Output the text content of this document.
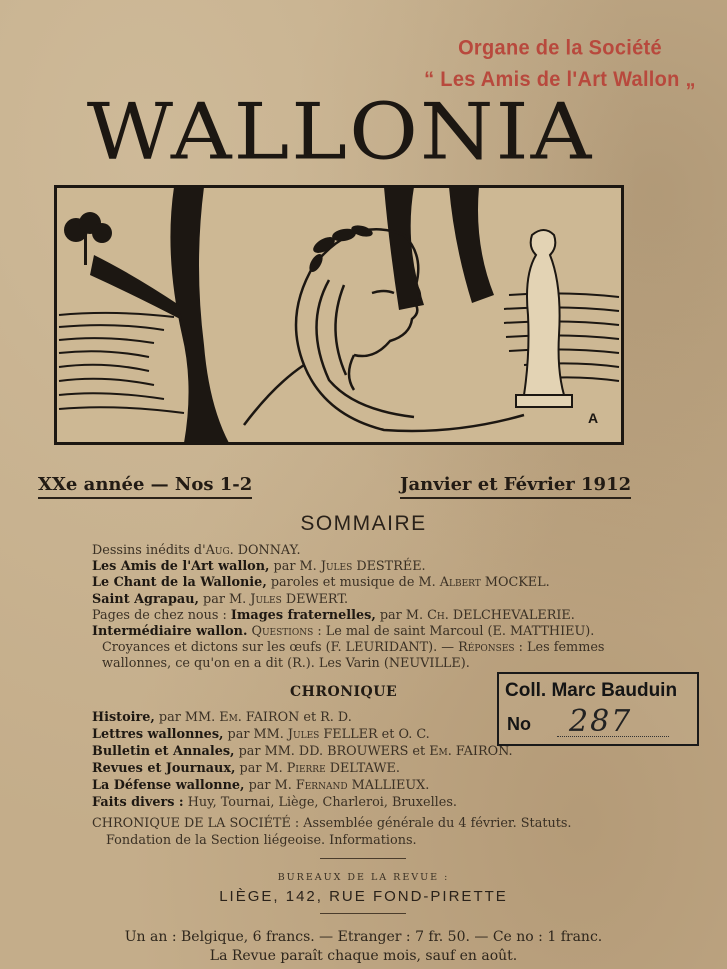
Organe de la Société
“ Les Amis de l'Art Wallon „
WALLONIA
A
XXe année — Nos 1-2	Janvier et Février 1912
SOMMAIRE
Dessins inédits d'Aug. DONNAY.
Les Amis de l'Art wallon, par M. Jules DESTRÉE.
Le Chant de la Wallonie, paroles et musique de M. Albert MOCKEL.
Saint Agrapau, par M. Jules DEWERT.
Pages de chez nous : Images fraternelles, par M. Ch. DELCHEVALERIE.
Intermédiaire wallon. Questions : Le mal de saint Marcoul (E. MATTHIEU).
Croyances et dictons sur les œufs (F. LEURIDANT). — Réponses : Les femmes
wallonnes, ce qu'on en a dit (R.). Les Varin (NEUVILLE).
CHRONIQUE
Histoire, par MM. Em. FAIRON et R. D.
Lettres wallonnes, par MM. Jules FELLER et O. C.
Bulletin et Annales, par MM. DD. BROUWERS et Em. FAIRON.
Revues et Journaux, par M. Pierre DELTAWE.
La Défense wallonne, par M. Fernand MALLIEUX.
Faits divers : Huy, Tournai, Liège, Charleroi, Bruxelles.
Coll. Marc Bauduin
No 287
CHRONIQUE DE LA SOCIÉTÉ : Assemblée générale du 4 février. Statuts.
Fondation de la Section liégeoise. Informations.
BUREAUX DE LA REVUE :
LIÈGE, 142, RUE FOND-PIRETTE
Un an : Belgique, 6 francs. — Etranger : 7 fr. 50. — Ce no : 1 franc.
La Revue paraît chaque mois, sauf en août.
